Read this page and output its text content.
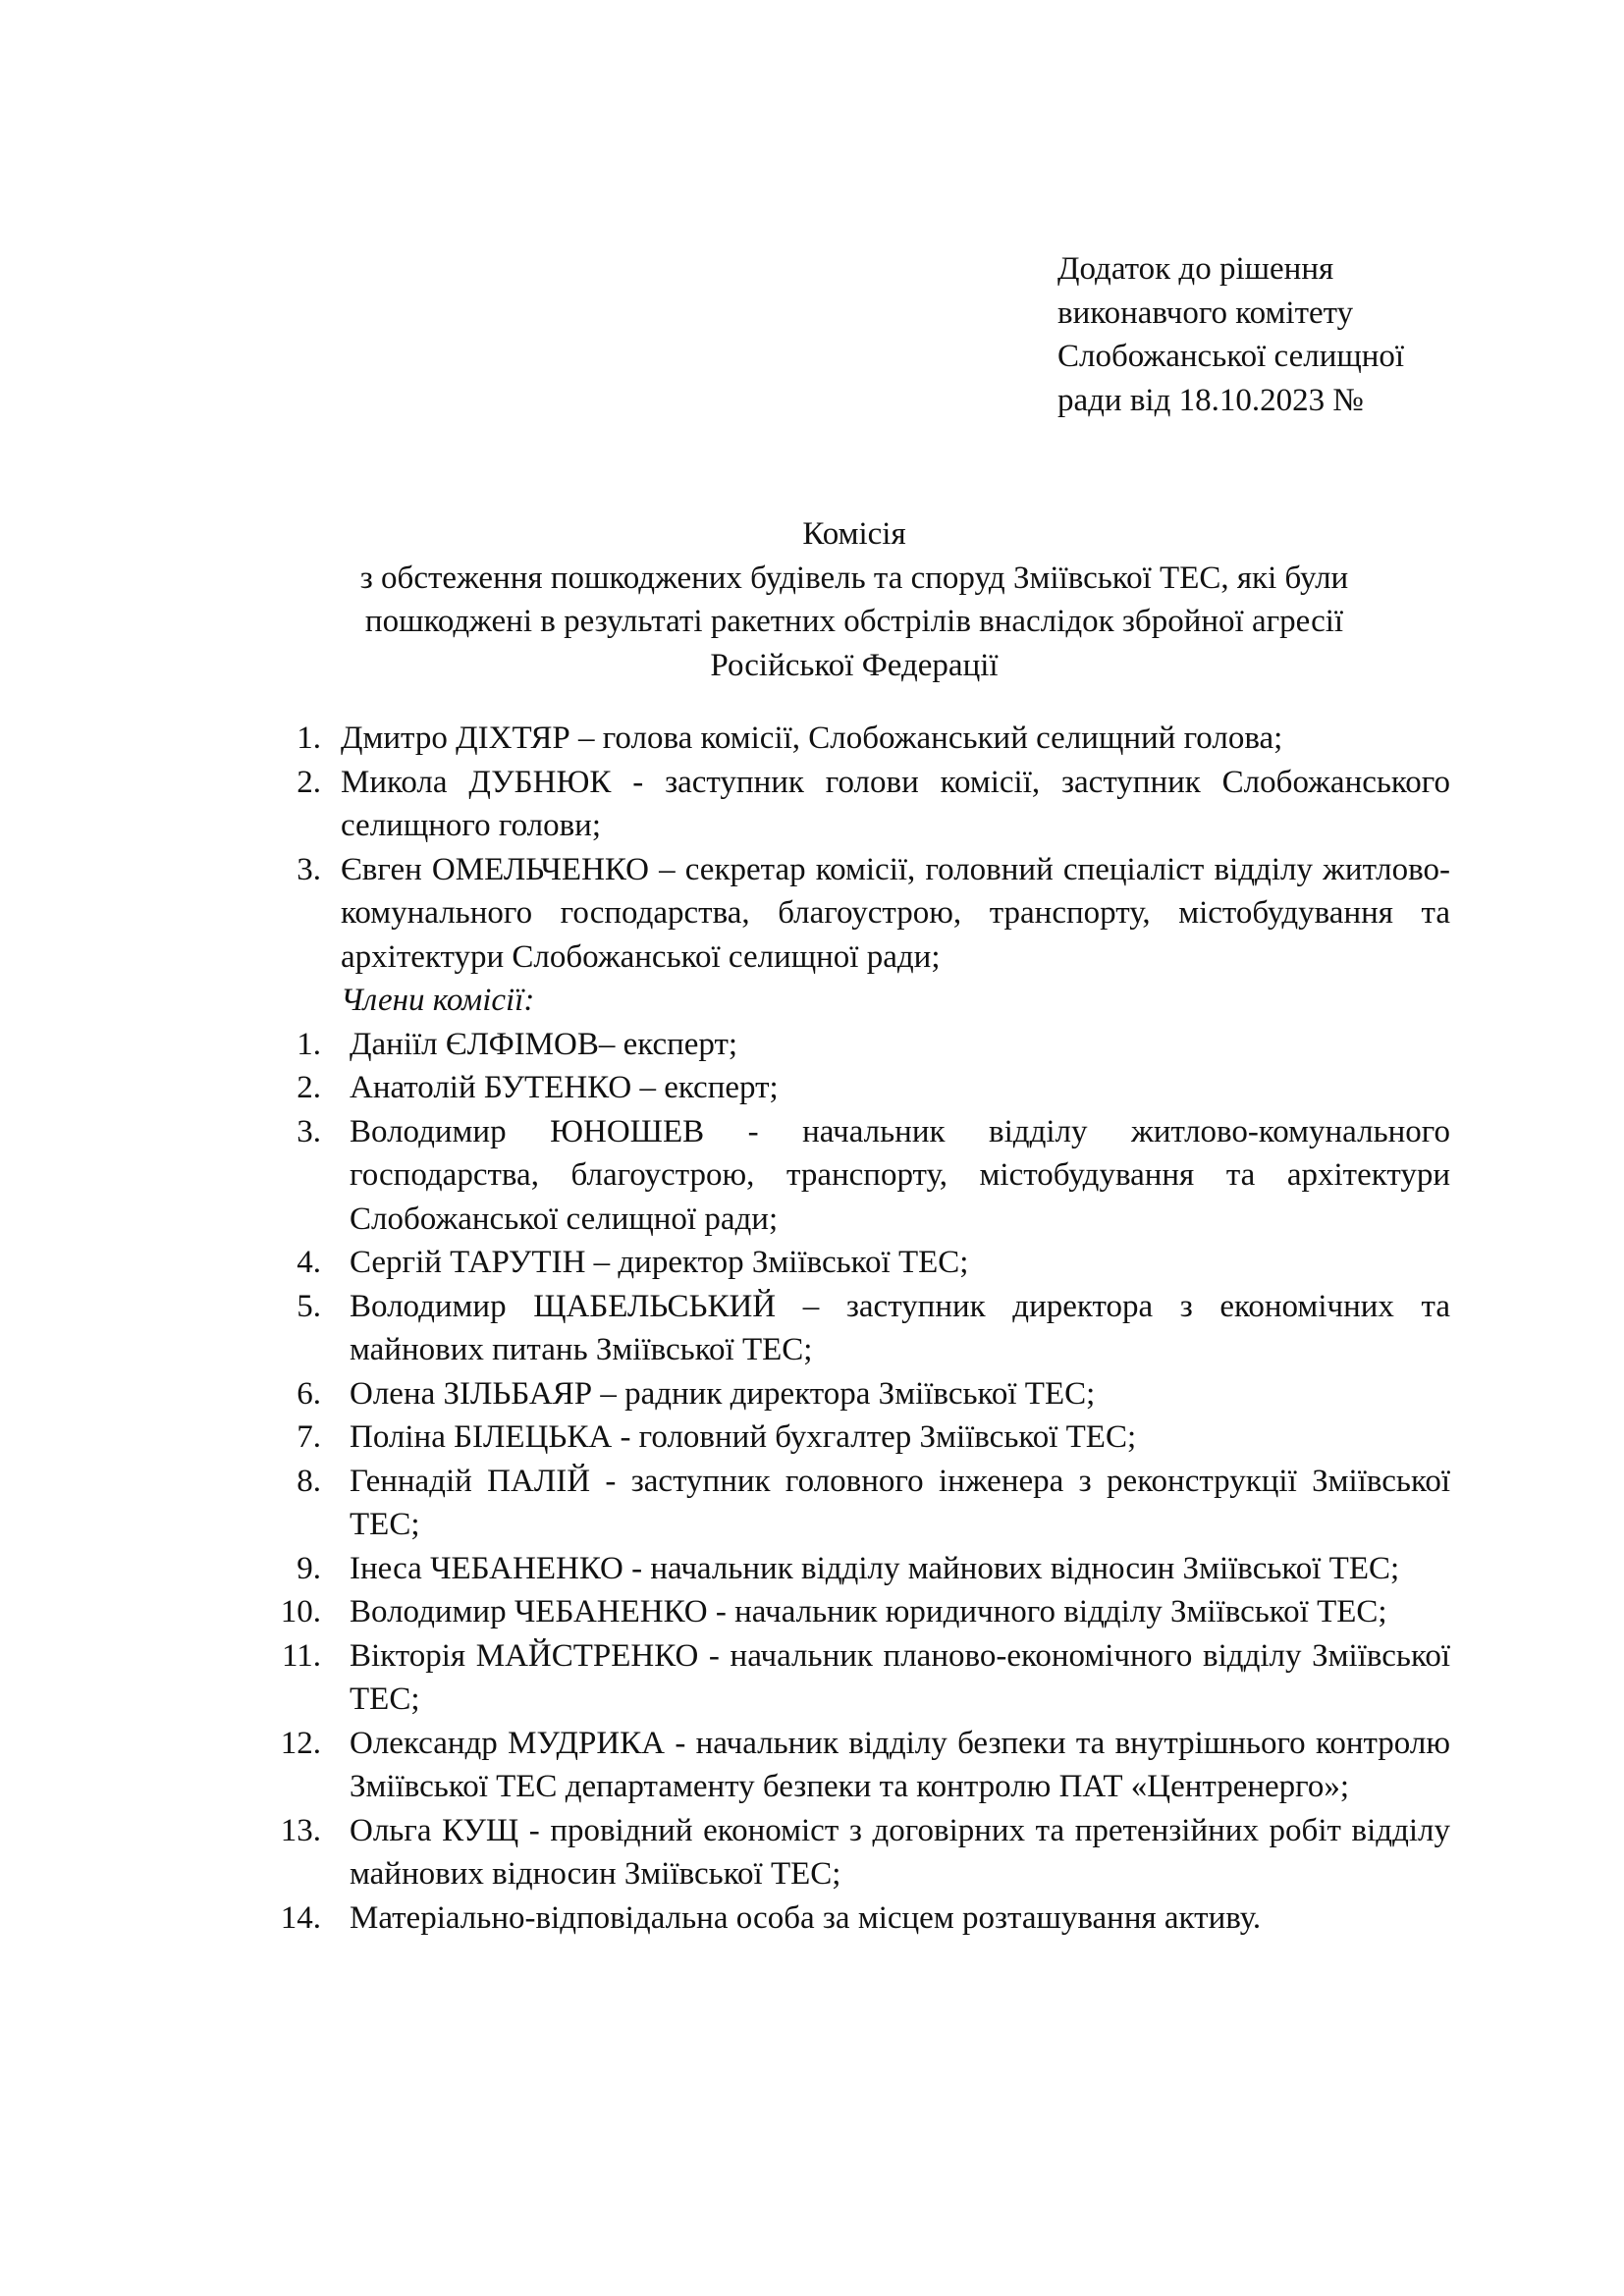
Додаток до рішення
виконавчого комітету
Слобожанської селищної
ради від 18.10.2023 №
Комісія
з обстеження пошкоджених будівель та споруд Зміївської ТЕС, які були
пошкоджені в результаті ракетних обстрілів внаслідок збройної агресії
Російської Федерації
1. Дмитро ДІХТЯР – голова комісії, Слобожанський селищний голова;
2. Микола ДУБНЮК - заступник голови комісії, заступник Слобожанського селищного голови;
3. Євген ОМЕЛЬЧЕНКО – секретар комісії, головний спеціаліст відділу житлово-комунального господарства, благоустрою, транспорту, містобудування та архітектури Слобожанської селищної ради;
Члени комісії:
1. Даніїл ЄЛФІМОВ– експерт;
2. Анатолій БУТЕНКО – експерт;
3. Володимир ЮНОШЕВ - начальник відділу житлово-комунального господарства, благоустрою, транспорту, містобудування та архітектури Слобожанської селищної ради;
4. Сергій ТАРУТІН – директор Зміївської ТЕС;
5. Володимир ЩАБЕЛЬСЬКИЙ – заступник директора з економічних та майнових питань Зміївської ТЕС;
6. Олена ЗІЛЬБАЯР – радник директора Зміївської ТЕС;
7. Поліна БІЛЕЦЬКА - головний бухгалтер Зміївської ТЕС;
8. Геннадій ПАЛІЙ - заступник головного інженера з реконструкції Зміївської ТЕС;
9. Інеса ЧЕБАНЕНКО - начальник відділу майнових відносин Зміївської ТЕС;
10. Володимир ЧЕБАНЕНКО - начальник юридичного відділу Зміївської ТЕС;
11. Вікторія МАЙСТРЕНКО - начальник планово-економічного відділу Зміївської ТЕС;
12. Олександр МУДРИКА - начальник відділу безпеки та внутрішнього контролю Зміївської ТЕС департаменту безпеки та контролю ПАТ «Центренерго»;
13. Ольга КУЩ - провідний економіст з договірних та претензійних робіт відділу майнових відносин Зміївської ТЕС;
14. Матеріально-відповідальна особа за місцем розташування активу.
